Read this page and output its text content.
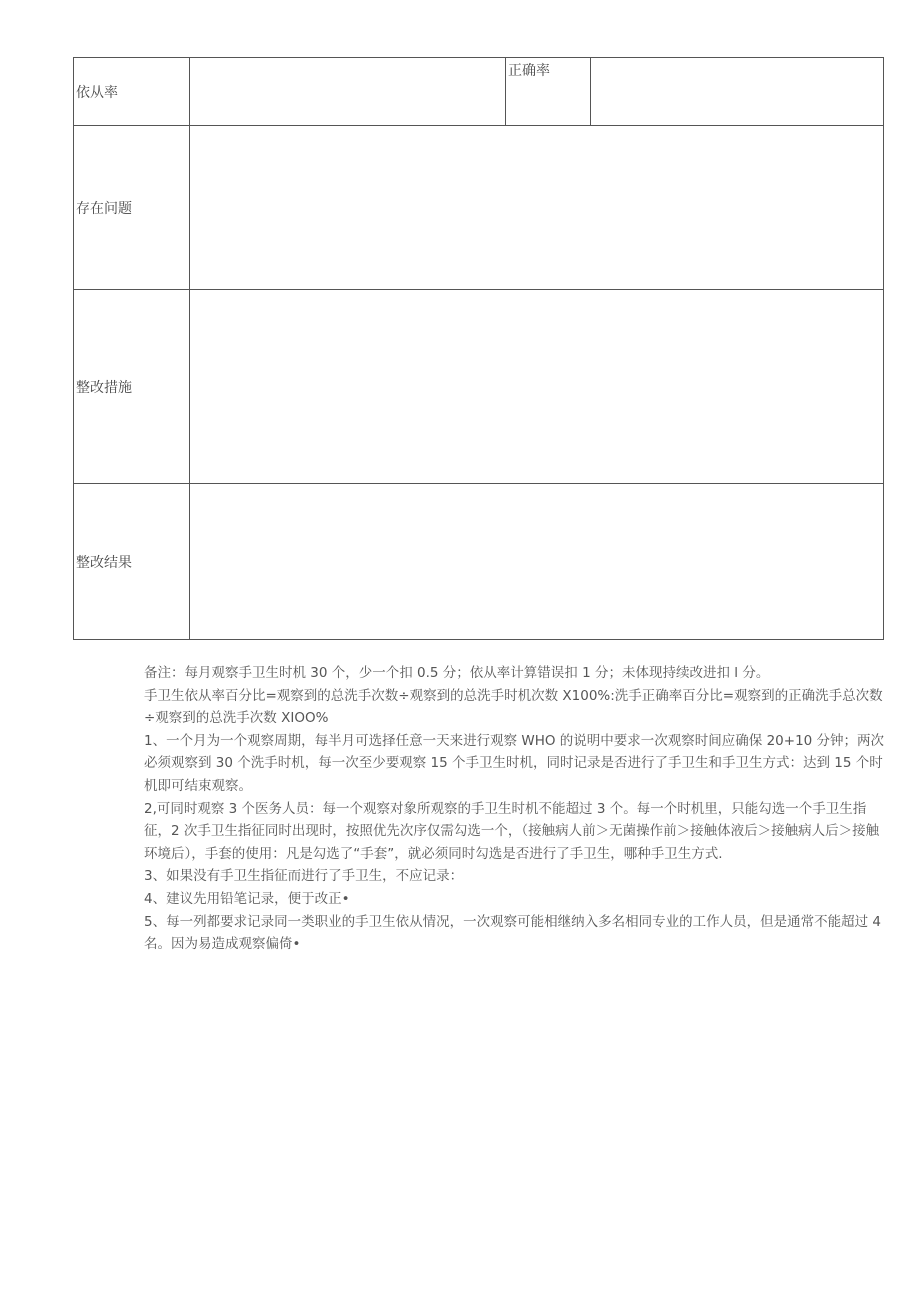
依从率		正确率	
存在问题			
整改措施			
整改结果			

备注：每月观察手卫生时机 30 个，少一个扣 0.5 分；依从率计算错误扣 1 分；未体现持续改进扣 l 分。

手卫生依从率百分比=观察到的总洗手次数÷观察到的总洗手时机次数 X100%:洗手正确率百分比=观察到的正确洗手总次数÷观察到的总洗手次数 XIOO%

1、一个月为一个观察周期，每半月可选择任意一天来进行观察 WHO 的说明中要求一次观察时间应确保 20+10 分钟；两次必须观察到 30 个洗手时机，每一次至少要观察 15 个手卫生时机，同时记录是否进行了手卫生和手卫生方式：达到 15 个时机即可结束观察。

2,可同时观察 3 个医务人员：每一个观察对象所观察的手卫生时机不能超过 3 个。每一个时机里，只能勾选一个手卫生指征，2 次手卫生指征同时出现时，按照优先次序仅需勾选一个，（接触病人前＞无菌操作前＞接触体液后＞接触病人后＞接触环境后），手套的使用：凡是勾选了“手套”，就必须同时勾选是否进行了手卫生，哪种手卫生方式.

3、如果没有手卫生指征而进行了手卫生，不应记录：

4、建议先用铅笔记录，便于改正•

5、每一列都要求记录同一类职业的手卫生依从情况，一次观察可能相继纳入多名相同专业的工作人员，但是通常不能超过 4 名。因为易造成观察偏倚•
